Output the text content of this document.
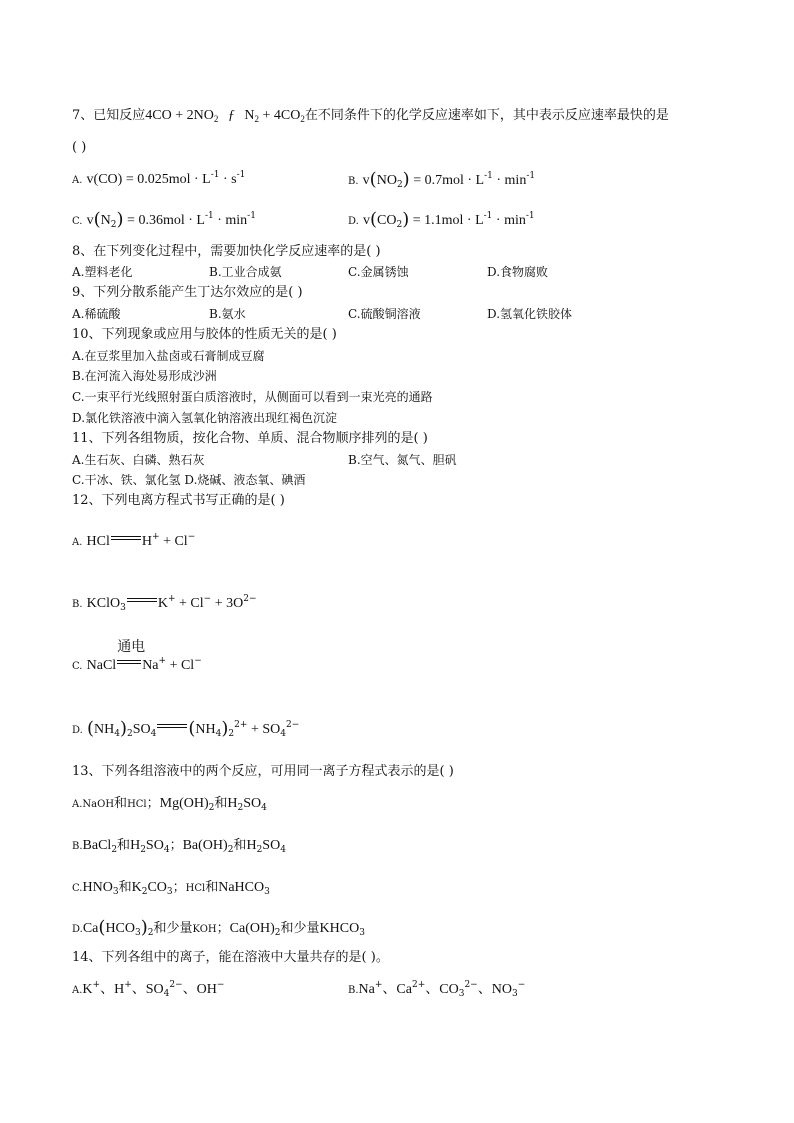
7、已知反应$4CO + 2NO_2$ ƒ $N_2 + 4CO_2$在不同条件下的化学反应速率如下，其中表示反应速率最快的是
( )
A. $v(CO) = 0.025mol \cdot L^{-1} \cdot s^{-1}$
B. $v(NO_2) = 0.7mol \cdot L^{-1} \cdot \min^{-1}$
C. $v(N_2) = 0.36mol \cdot L^{-1} \cdot \min^{-1}$	D. $v(CO_2) = 1.1mol \cdot L^{-1} \cdot \min^{-1}$
8、在下列变化过程中，需要加快化学反应速率的是( )
A.塑料老化	B.工业合成氨	C.金属锈蚀	D.食物腐败
9、下列分散系能产生丁达尔效应的是( )
A.稀硫酸	B.氨水	C.硫酸铜溶液	D.氢氧化铁胶体
10、下列现象或应用与胶体的性质无关的是( )
A.在豆浆里加入盐卤或石膏制成豆腐
B.在河流入海处易形成沙洲
C.一束平行光线照射蛋白质溶液时，从侧面可以看到一束光亮的通路
D.氯化铁溶液中滴入氢氧化钠溶液出现红褐色沉淀
11、下列各组物质，按化合物、单质、混合物顺序排列的是( )
A.生石灰、白磷、熟石灰	B.空气、氮气、胆矾
C.干冰、铁、氯化氢 D.烧碱、液态氧、碘酒
12、下列电离方程式书写正确的是( )
A. HCl H+ + Cl−
B. KClO$_3$ $K^+ + Cl^- + 3O^{2-}$
C. NaCl
通电
Na+ + Cl−
D. $(NH_4)_2SO_4$ $(NH_4)_2^{2+} + SO_4^{2-}$
13、下列各组溶液中的两个反应，可用同一离子方程式表示的是( )
A.NaOH和HCl；$Mg(OH)_2$和$H_2SO_4$
B.BaCl$_2$和$H_2SO_4$；$Ba(OH)_2$和$H_2SO_4$
$C.HNO_3$和$K_2CO_3$；HCl和NaHCO$_3$
$D.Ca(HCO_3)_2$和少量KOH；$Ca(OH)_2$和少量$KHCO_3$
14、下列各组中的离子，能在溶液中大量共存的是( )。
A.K+、H+、$SO_4^{2-}$、OH−	B.Na+、$Ca^{2+}$、$CO_3^{2-}$、$NO_3^-$
